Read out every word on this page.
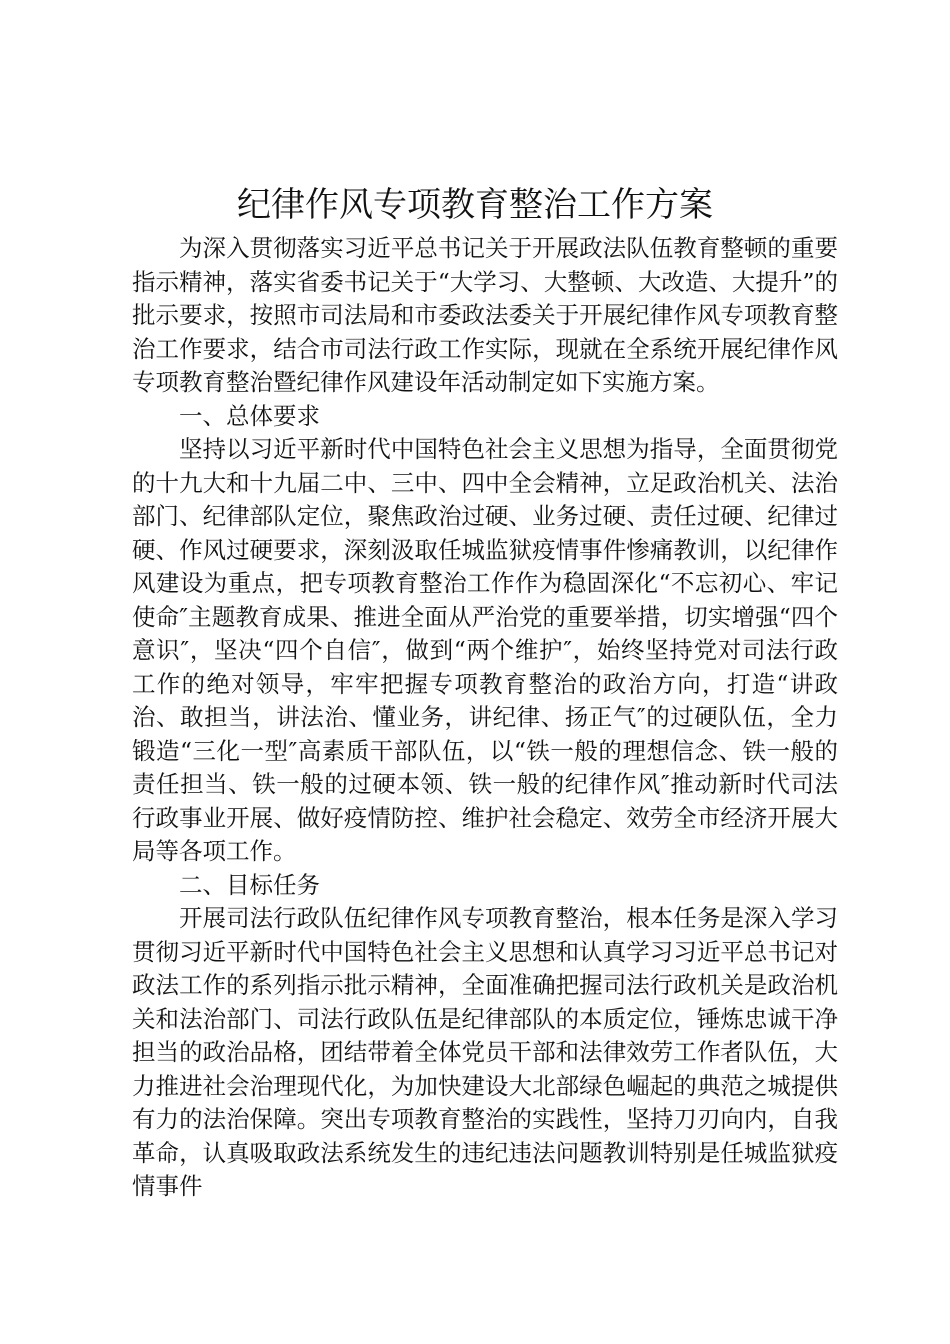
纪律作风专项教育整治工作方案

为深入贯彻落实习近平总书记关于开展政法队伍教育整顿的重要指示精神，落实省委书记关于“大学习、大整顿、大改造、大提升”的批示要求，按照市司法局和市委政法委关于开展纪律作风专项教育整治工作要求，结合市司法行政工作实际，现就在全系统开展纪律作风专项教育整治暨纪律作风建设年活动制定如下实施方案。

一、总体要求

坚持以习近平新时代中国特色社会主义思想为指导，全面贯彻党的十九大和十九届二中、三中、四中全会精神，立足政治机关、法治部门、纪律部队定位，聚焦政治过硬、业务过硬、责任过硬、纪律过硬、作风过硬要求，深刻汲取任城监狱疫情事件惨痛教训，以纪律作风建设为重点，把专项教育整治工作作为稳固深化“不忘初心、牢记使命″主题教育成果、推进全面从严治党的重要举措，切实增强“四个意识″，坚决“四个自信″，做到“两个维护″，始终坚持党对司法行政工作的绝对领导，牢牢把握专项教育整治的政治方向，打造“讲政治、敢担当，讲法治、懂业务，讲纪律、扬正气″的过硬队伍，全力锻造“三化一型″高素质干部队伍，以“铁一般的理想信念、铁一般的责任担当、铁一般的过硬本领、铁一般的纪律作风″推动新时代司法行政事业开展、做好疫情防控、维护社会稳定、效劳全市经济开展大局等各项工作。

二、目标任务

开展司法行政队伍纪律作风专项教育整治，根本任务是深入学习贯彻习近平新时代中国特色社会主义思想和认真学习习近平总书记对政法工作的系列指示批示精神，全面准确把握司法行政机关是政治机关和法治部门、司法行政队伍是纪律部队的本质定位，锤炼忠诚干净担当的政治品格，团结带着全体党员干部和法律效劳工作者队伍，大力推进社会治理现代化，为加快建设大北部绿色崛起的典范之城提供有力的法治保障。突出专项教育整治的实践性，坚持刀刃向内，自我革命，认真吸取政法系统发生的违纪违法问题教训特别是任城监狱疫情事件
